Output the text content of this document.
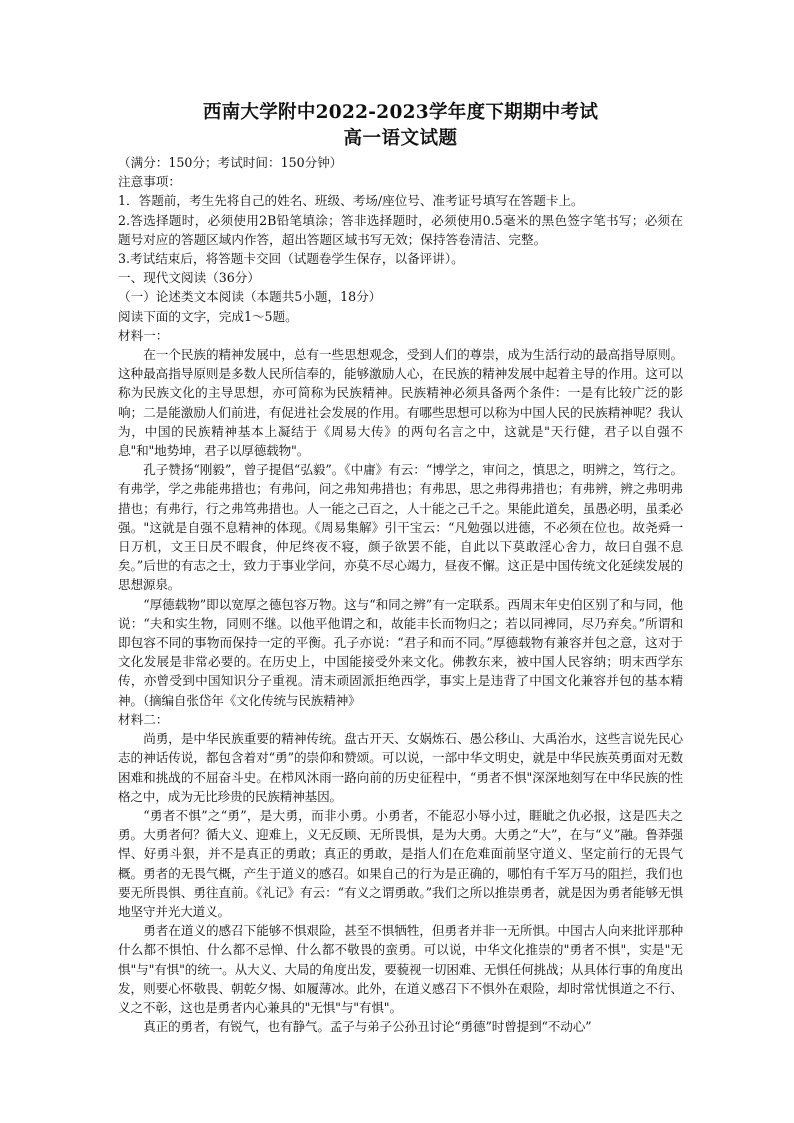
西南大学附中2022-2023学年度下期期中考试
高一语文试题

（满分：150分；考试时间：150分钟）

注意事项：

1．答题前，考生先将自己的姓名、班级、考场/座位号、准考证号填写在答题卡上。

2.答选择题时，必须使用2B铅笔填涂；答非选择题时，必须使用0.5毫米的黑色签字笔书写；必须在题号对应的答题区域内作答，超出答题区域书写无效；保持答卷清洁、完整。

3.考试结束后，将答题卡交回（试题卷学生保存，以备评讲）。

一、现代文阅读（36分）

（一）论述类文本阅读（本题共5小题，18分）

阅读下面的文字，完成1～5题。

材料一：

在一个民族的精神发展中，总有一些思想观念，受到人们的尊崇，成为生活行动的最高指导原则。这种最高指导原则是多数人民所信奉的，能够激励人心，在民族的精神发展中起着主导的作用。这可以称为民族文化的主导思想，亦可简称为民族精神。民族精神必须具备两个条件：一是有比较广泛的影响；二是能激励人们前进，有促进社会发展的作用。有哪些思想可以称为中国人民的民族精神呢？我认为，中国的民族精神基本上凝结于《周易大传》的两句名言之中，这就是"天行健，君子以自强不息"和"地势坤，君子以厚德载物"。

孔子赞扬“刚毅”，曾子提倡“弘毅”。《中庸》有云：“博学之，审问之，慎思之，明辨之，笃行之。有弗学，学之弗能弗措也；有弗问，问之弗知弗措也；有弗思，思之弗得弗措也；有弗辨，辨之弗明弗措也；有弗行，行之弗笃弗措也。人一能之己百之，人十能之己千之。果能此道矣，虽愚必明，虽柔必强。"这就是自强不息精神的体现。《周易集解》引干宝云：“凡勉强以进德，不必须在位也。故尧舜一日万机，文王日昃不暇食，仲尼终夜不寝，颜子欲罢不能，自此以下莫敢淫心舍力，故曰自强不息矣。”后世的有志之士，致力于事业学问，亦莫不尽心竭力，昼夜不懈。这正是中国传统文化延续发展的思想源泉。

“厚德载物”即以宽厚之德包容万物。这与“和同之辨”有一定联系。西周末年史伯区别了和与同，他说：“夫和实生物，同则不继。以他平他谓之和，故能丰长而物归之；若以同裨同，尽乃弃矣。”所谓和即包容不同的事物而保持一定的平衡。孔子亦说：“君子和而不同。”厚德载物有兼容并包之意，这对于文化发展是非常必要的。在历史上，中国能接受外来文化。佛教东来，被中国人民容纳；明末西学东传，亦曾受到中国知识分子重视。清末顽固派拒绝西学，事实上是违背了中国文化兼容并包的基本精神。（摘编自张岱年《文化传统与民族精神》

材料二：

尚勇，是中华民族重要的精神传统。盘古开天、女娲炼石、愚公移山、大禹治水，这些言说先民心志的神话传说，都包含着对“勇”的崇仰和赞颂。可以说，一部中华文明史，就是中华民族英勇面对无数困难和挑战的不屈奋斗史。在栉风沐雨一路向前的历史征程中，“勇者不惧"深深地刻写在中华民族的性格之中，成为无比珍贵的民族精神基因。

“勇者不惧”之“勇”，是大勇，而非小勇。小勇者，不能忍小辱小过，睚眦之仇必报，这是匹夫之勇。大勇者何？循大义、迎难上，义无反顾、无所畏惧，是为大勇。大勇之“大”，在与“义”融。鲁莽强悍、好勇斗狠，并不是真正的勇敢；真正的勇敢，是指人们在危难面前坚守道义、坚定前行的无畏气概。勇者的无畏气概，产生于道义的感召。如果自己的行为是正确的，哪怕有千军万马的阻拦，我们也要无所畏惧、勇往直前。《礼记》有云：“有义之谓勇敢。”我们之所以推崇勇者，就是因为勇者能够无惧地坚守并光大道义。

勇者在道义的感召下能够不惧艰险，甚至不惧牺牲，但勇者并非一无所惧。中国古人向来批评那种什么都不惧怕、什么都不忌惮、什么都不敬畏的蛮勇。可以说，中华文化推崇的"勇者不惧"，实是"无惧"与"有惧"的统一。从大义、大局的角度出发，要藐视一切困难、无惧任何挑战；从具体行事的角度出发，则要心怀敬畏、朝乾夕惕、如履薄冰。此外，在道义感召下不惧外在艰险，却时常忧惧道之不行、义之不彰，这也是勇者内心兼具的"无惧"与"有惧"。

真正的勇者，有锐气，也有静气。孟子与弟子公孙丑讨论“勇德”时曾提到“不动心”
